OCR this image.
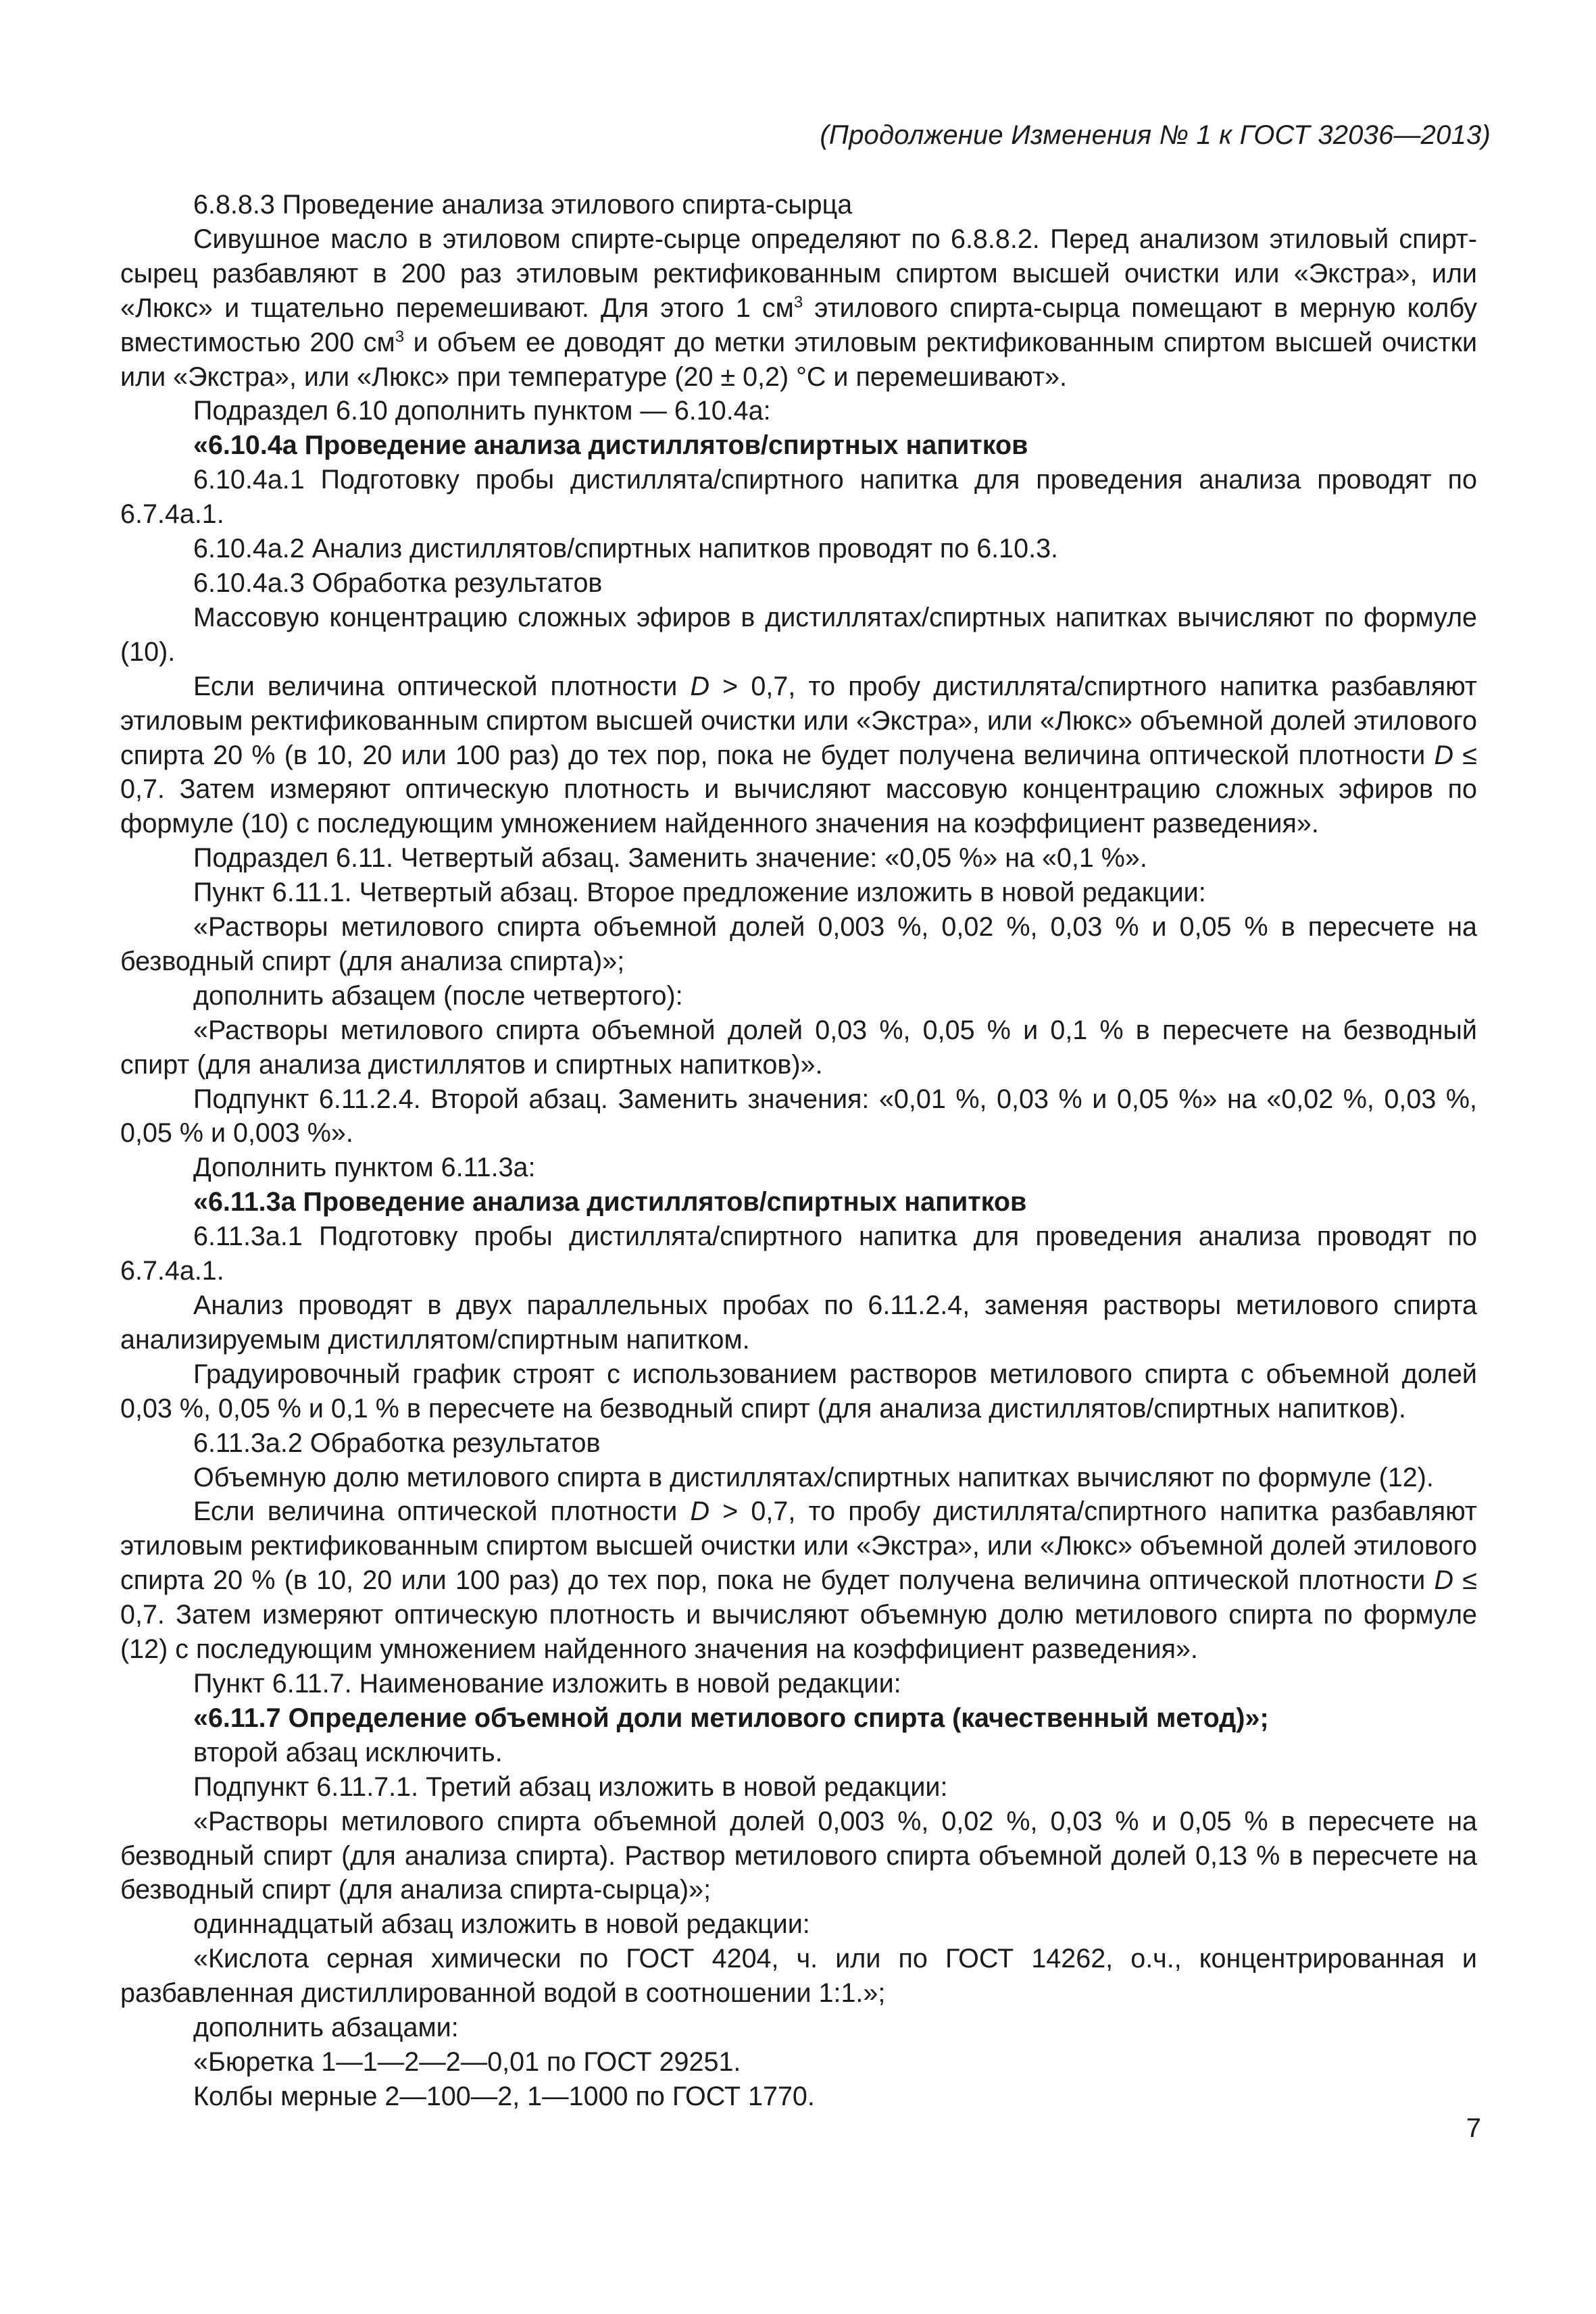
(Продолжение Изменения № 1 к ГОСТ 32036—2013)

6.8.8.3 Проведение анализа этилового спирта-сырца

Сивушное масло в этиловом спирте-сырце определяют по 6.8.8.2. Перед анализом этиловый спирт-сырец разбавляют в 200 раз этиловым ректификованным спиртом высшей очистки или «Экстра», или «Люкс» и тщательно перемешивают. Для этого 1 $см^3$ этилового спирта-сырца помещают в мерную колбу вместимостью 200 $см^3$ и объем ее доводят до метки этиловым ректификованным спиртом высшей очистки или «Экстра», или «Люкс» при температуре (20 ± 0,2) °С и перемешивают».

Подраздел 6.10 дополнить пунктом — 6.10.4а:

«6.10.4а Проведение анализа дистиллятов/спиртных напитков

6.10.4а.1 Подготовку пробы дистиллята/спиртного напитка для проведения анализа проводят по 6.7.4а.1.

6.10.4а.2 Анализ дистиллятов/спиртных напитков проводят по 6.10.3.

6.10.4а.3 Обработка результатов

Массовую концентрацию сложных эфиров в дистиллятах/спиртных напитках вычисляют по формуле (10).

Если величина оптической плотности D > 0,7, то пробу дистиллята/спиртного напитка разбавляют этиловым ректификованным спиртом высшей очистки или «Экстра», или «Люкс» объемной долей этилового спирта 20 % (в 10, 20 или 100 раз) до тех пор, пока не будет получена величина оптической плотности D ≤ 0,7. Затем измеряют оптическую плотность и вычисляют массовую концентрацию сложных эфиров по формуле (10) с последующим умножением найденного значения на коэффициент разведения».

Подраздел 6.11. Четвертый абзац. Заменить значение: «0,05 %» на «0,1 %».

Пункт 6.11.1. Четвертый абзац. Второе предложение изложить в новой редакции:

«Растворы метилового спирта объемной долей 0,003 %, 0,02 %, 0,03 % и 0,05 % в пересчете на безводный спирт (для анализа спирта)»;

дополнить абзацем (после четвертого):

«Растворы метилового спирта объемной долей 0,03 %, 0,05 % и 0,1 % в пересчете на безводный спирт (для анализа дистиллятов и спиртных напитков)».

Подпункт 6.11.2.4. Второй абзац. Заменить значения: «0,01 %, 0,03 % и 0,05 %» на «0,02 %, 0,03 %, 0,05 % и 0,003 %».

Дополнить пунктом 6.11.3а:

«6.11.3а Проведение анализа дистиллятов/спиртных напитков

6.11.3а.1 Подготовку пробы дистиллята/спиртного напитка для проведения анализа проводят по 6.7.4а.1.

Анализ проводят в двух параллельных пробах по 6.11.2.4, заменяя растворы метилового спирта анализируемым дистиллятом/спиртным напитком.

Градуировочный график строят с использованием растворов метилового спирта с объемной долей 0,03 %, 0,05 % и 0,1 % в пересчете на безводный спирт (для анализа дистиллятов/спиртных напитков).

6.11.3а.2 Обработка результатов

Объемную долю метилового спирта в дистиллятах/спиртных напитках вычисляют по формуле (12).

Если величина оптической плотности D > 0,7, то пробу дистиллята/спиртного напитка разбавляют этиловым ректификованным спиртом высшей очистки или «Экстра», или «Люкс» объемной долей этилового спирта 20 % (в 10, 20 или 100 раз) до тех пор, пока не будет получена величина оптической плотности D ≤ 0,7. Затем измеряют оптическую плотность и вычисляют объемную долю метилового спирта по формуле (12) с последующим умножением найденного значения на коэффициент разведения».

Пункт 6.11.7. Наименование изложить в новой редакции:

«6.11.7 Определение объемной доли метилового спирта (качественный метод)»;

второй абзац исключить.

Подпункт 6.11.7.1. Третий абзац изложить в новой редакции:

«Растворы метилового спирта объемной долей 0,003 %, 0,02 %, 0,03 % и 0,05 % в пересчете на безводный спирт (для анализа спирта). Раствор метилового спирта объемной долей 0,13 % в пересчете на безводный спирт (для анализа спирта-сырца)»;

одиннадцатый абзац изложить в новой редакции:

«Кислота серная химически по ГОСТ 4204, ч. или по ГОСТ 14262, о.ч., концентрированная и разбавленная дистиллированной водой в соотношении 1:1.»;

дополнить абзацами:

«Бюретка 1—1—2—2—0,01 по ГОСТ 29251.

Колбы мерные 2—100—2, 1—1000 по ГОСТ 1770.

7
